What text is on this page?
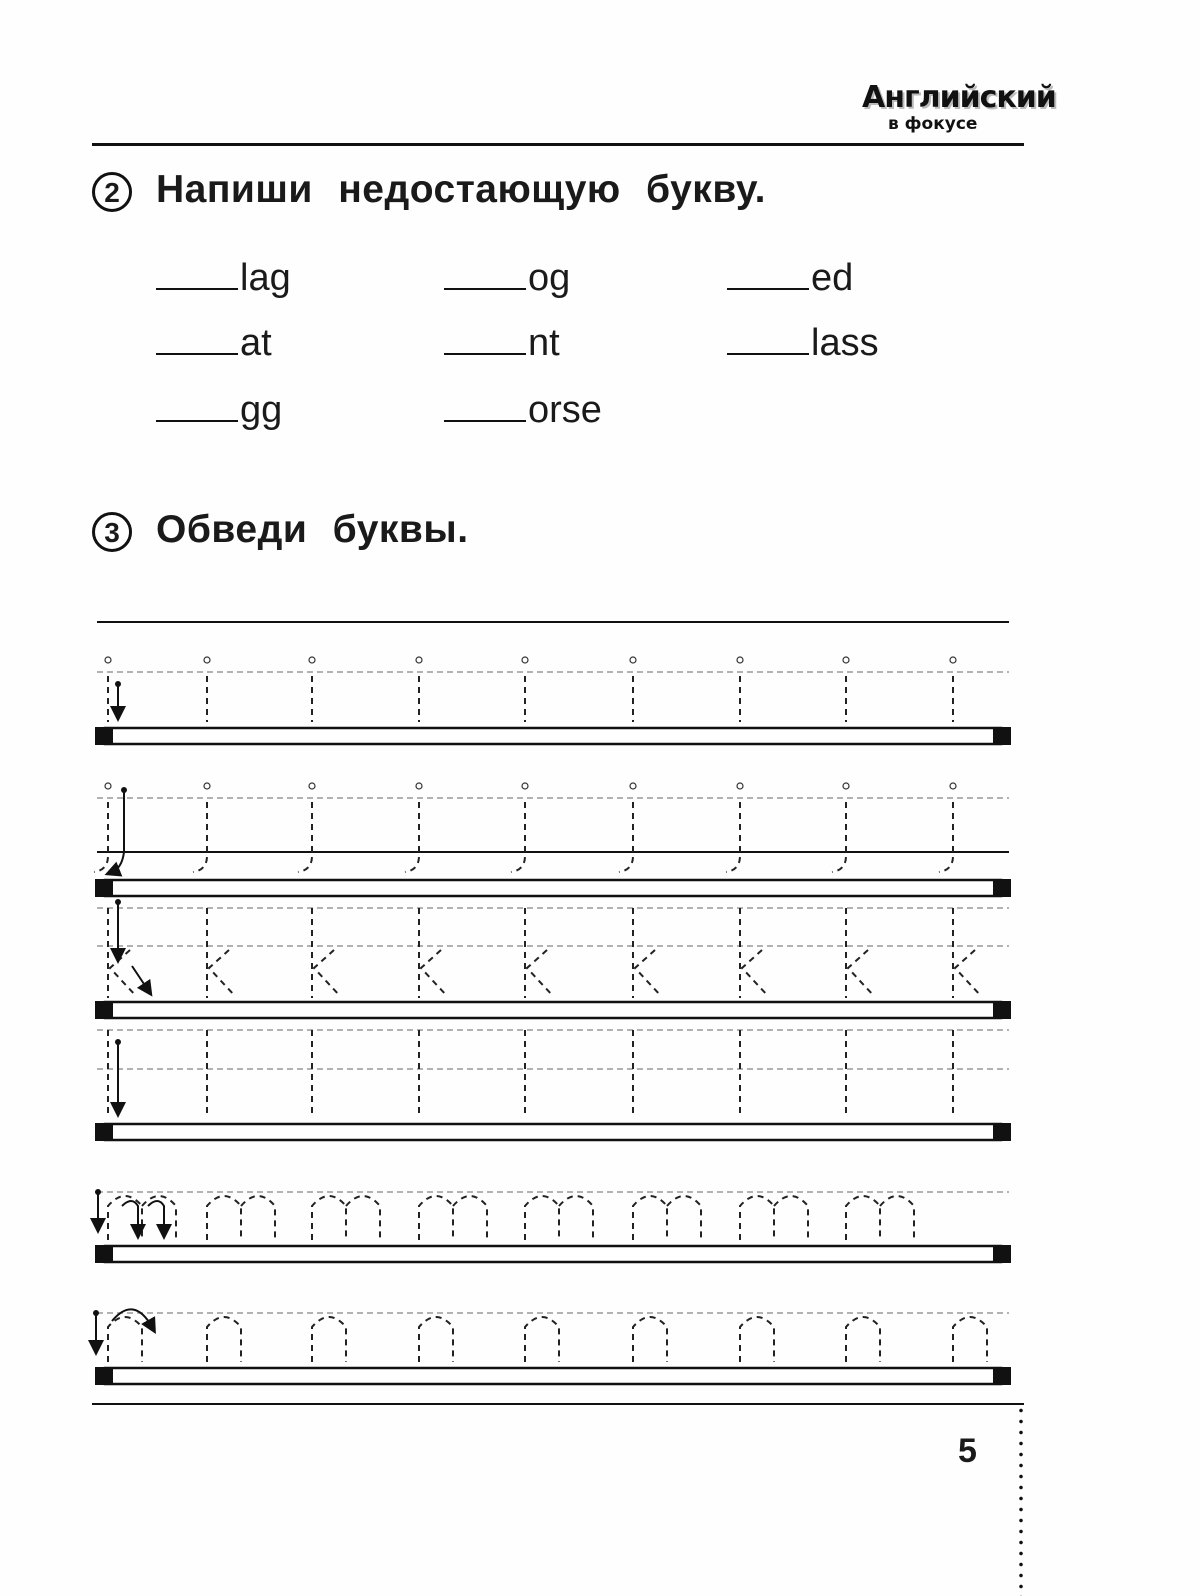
Английский
в фокусе
2 Напиши недостающую букву.
lag	og	ed
at	nt	lass
gg	orse
3 Обведи буквы.
5
